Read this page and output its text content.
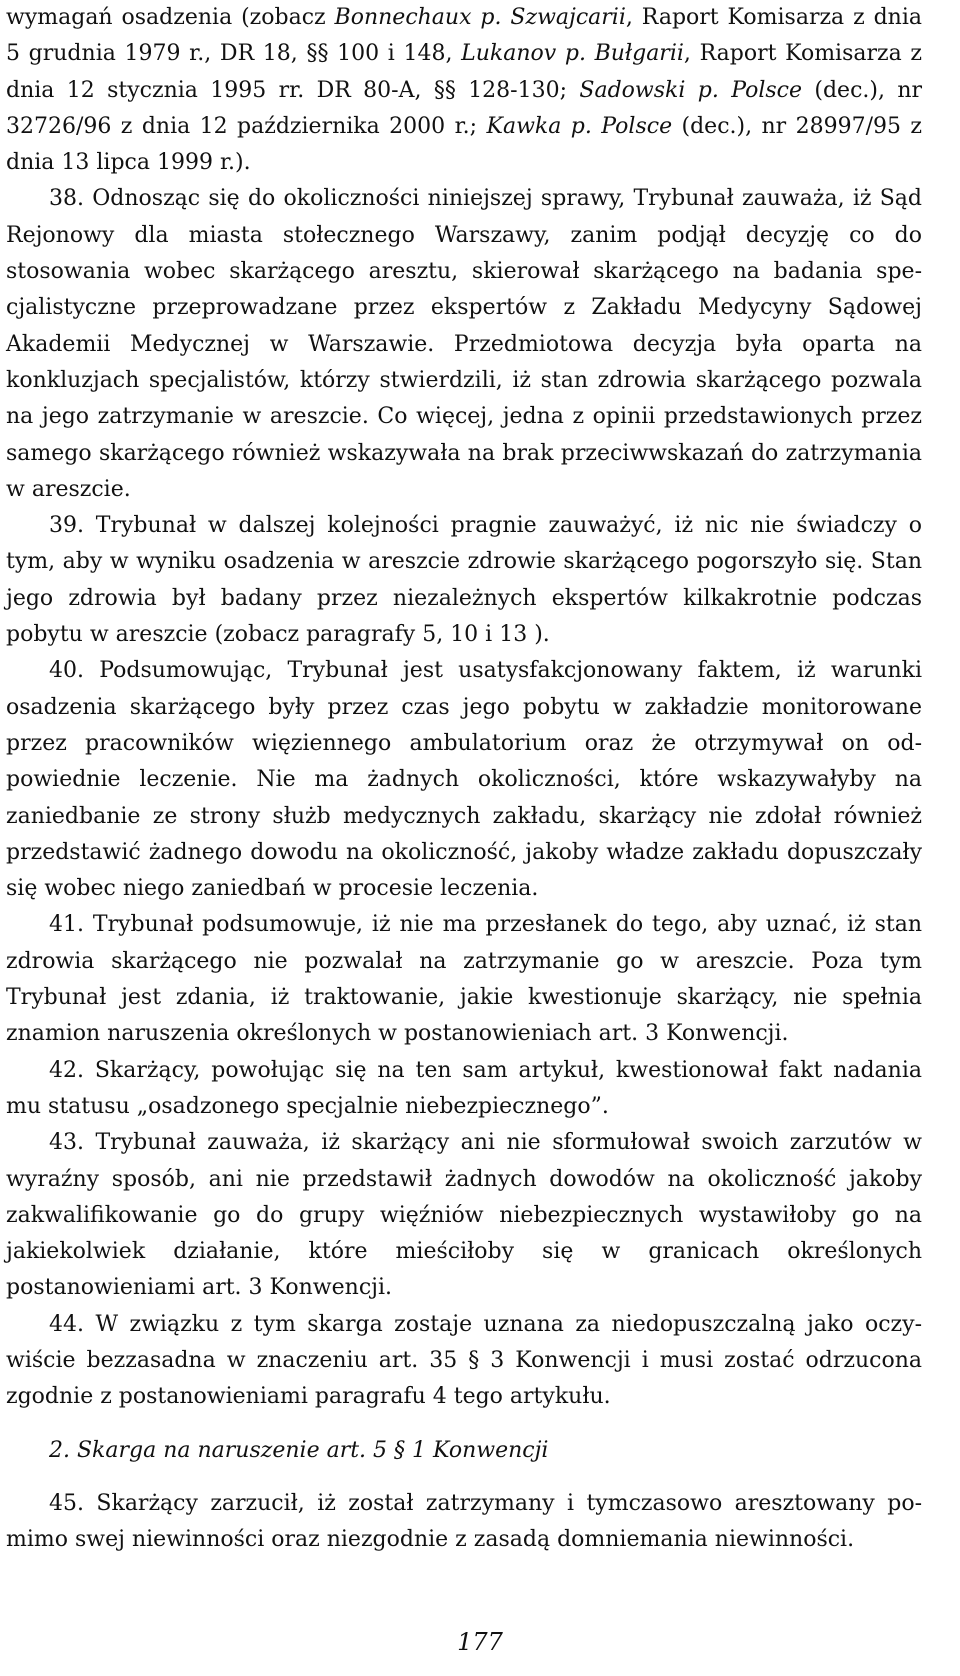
wymagań osadzenia (zobacz Bonnechaux p. Szwajcarii, Raport Komisarza z dnia 5 grudnia 1979 r., DR 18, §§ 100 i 148, Lukanov p. Bułgarii, Raport Komisarza z dnia 12 stycznia 1995 rr. DR 80-A, §§ 128-130; Sadowski p. Polsce (dec.), nr 32726/96 z dnia 12 października 2000 r.; Kawka p. Polsce (dec.), nr 28997/95 z dnia 13 lipca 1999 r.).

38. Odnosząc się do okoliczności niniejszej sprawy, Trybunał zauważa, iż Sąd Rejonowy dla miasta stołecznego Warszawy, zanim podjął decyzję co do stosowania wobec skarżącego aresztu, skierował skarżącego na badania specjalistyczne przeprowadzane przez ekspertów z Zakładu Medycyny Sądowej Akademii Medycznej w Warszawie. Przedmiotowa decyzja była oparta na konkluzjach specjalistów, którzy stwierdzili, iż stan zdrowia skarżącego pozwala na jego zatrzymanie w areszcie. Co więcej, jedna z opinii przedstawionych przez samego skarżącego również wskazywała na brak przeciwwskazań do zatrzymania w areszcie.

39. Trybunał w dalszej kolejności pragnie zauważyć, iż nic nie świadczy o tym, aby w wyniku osadzenia w areszcie zdrowie skarżącego pogorszyło się. Stan jego zdrowia był badany przez niezależnych ekspertów kilkakrotnie podczas pobytu w areszcie (zobacz paragrafy 5, 10 i 13 ).

40. Podsumowując, Trybunał jest usatysfakcjonowany faktem, iż warunki osadzenia skarżącego były przez czas jego pobytu w zakładzie monitorowane przez pracowników więziennego ambulatorium oraz że otrzymywał on odpowiednie leczenie. Nie ma żadnych okoliczności, które wskazywałyby na zaniedbanie ze strony służb medycznych zakładu, skarżący nie zdołał również przedstawić żadnego dowodu na okoliczność, jakoby władze zakładu dopuszczały się wobec niego zaniedbań w procesie leczenia.

41. Trybunał podsumowuje, iż nie ma przesłanek do tego, aby uznać, iż stan zdrowia skarżącego nie pozwalał na zatrzymanie go w areszcie. Poza tym Trybunał jest zdania, iż traktowanie, jakie kwestionuje skarżący, nie spełnia znamion naruszenia określonych w postanowieniach art. 3 Konwencji.

42. Skarżący, powołując się na ten sam artykuł, kwestionował fakt nadania mu statusu „osadzonego specjalnie niebezpiecznego”.

43. Trybunał zauważa, iż skarżący ani nie sformułował swoich zarzutów w wyraźny sposób, ani nie przedstawił żadnych dowodów na okoliczność jakoby zakwalifikowanie go do grupy więźniów niebezpiecznych wystawiłoby go na jakiekolwiek działanie, które mieściłoby się w granicach określonych postanowieniami art. 3 Konwencji.

44. W związku z tym skarga zostaje uznana za niedopuszczalną jako oczywiście bezzasadna w znaczeniu art. 35 § 3 Konwencji i musi zostać odrzucona zgodnie z postanowieniami paragrafu 4 tego artykułu.

2. Skarga na naruszenie art. 5 § 1 Konwencji

45. Skarżący zarzucił, iż został zatrzymany i tymczasowo aresztowany pomimo swej niewinności oraz niezgodnie z zasadą domniemania niewinności.

177
